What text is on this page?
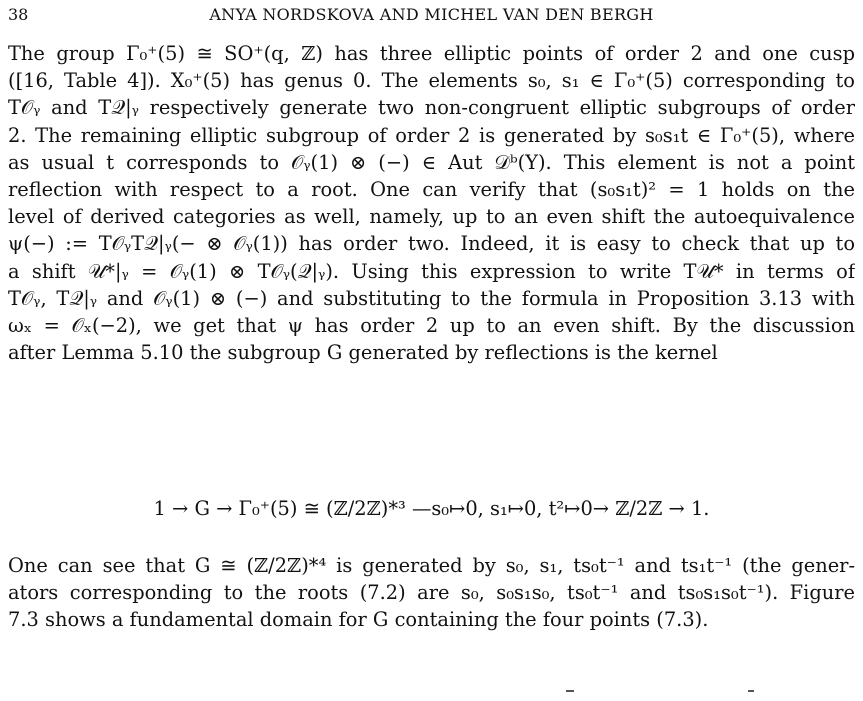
38	ANYA NORDSKOVA AND MICHEL VAN DEN BERGH
The group Γ₀⁺(5) ≅ SO⁺(q, ℤ) has three elliptic points of order 2 and one cusp
([16, Table 4]). X₀⁺(5) has genus 0. The elements s₀, s₁ ∈ Γ₀⁺(5) corresponding to
T𝒪ᵧ and T𝒬|ᵧ respectively generate two non-congruent elliptic subgroups of order
2. The remaining elliptic subgroup of order 2 is generated by s₀s₁t ∈ Γ₀⁺(5), where
as usual t corresponds to 𝒪ᵧ(1) ⊗ (−) ∈ Aut 𝒟ᵇ(Y). This element is not a point
reflection with respect to a root. One can verify that (s₀s₁t)² = 1 holds on the
level of derived categories as well, namely, up to an even shift the autoequivalence
ψ(−) := T𝒪ᵧT𝒬|ᵧ(− ⊗ 𝒪ᵧ(1)) has order two. Indeed, it is easy to check that up to
a shift 𝒰*|ᵧ = 𝒪ᵧ(1) ⊗ T𝒪ᵧ(𝒬|ᵧ). Using this expression to write T𝒰* in terms of
T𝒪ᵧ, T𝒬|ᵧ and 𝒪ᵧ(1) ⊗ (−) and substituting to the formula in Proposition 3.13 with
ωₓ = 𝒪ₓ(−2), we get that ψ has order 2 up to an even shift. By the discussion
after Lemma 5.10 the subgroup G generated by reflections is the kernel
1 → G → Γ₀⁺(5) ≅ (ℤ/2ℤ)*³ —s₀↦0, s₁↦0, t²↦0→ ℤ/2ℤ → 1.
One can see that G ≅ (ℤ/2ℤ)*⁴ is generated by s₀, s₁, ts₀t⁻¹ and ts₁t⁻¹ (the gener-
ators corresponding to the roots (7.2) are s₀, s₀s₁s₀, ts₀t⁻¹ and ts₀s₁s₀t⁻¹). Figure
7.3 shows a fundamental domain for G containing the four points (7.3).
